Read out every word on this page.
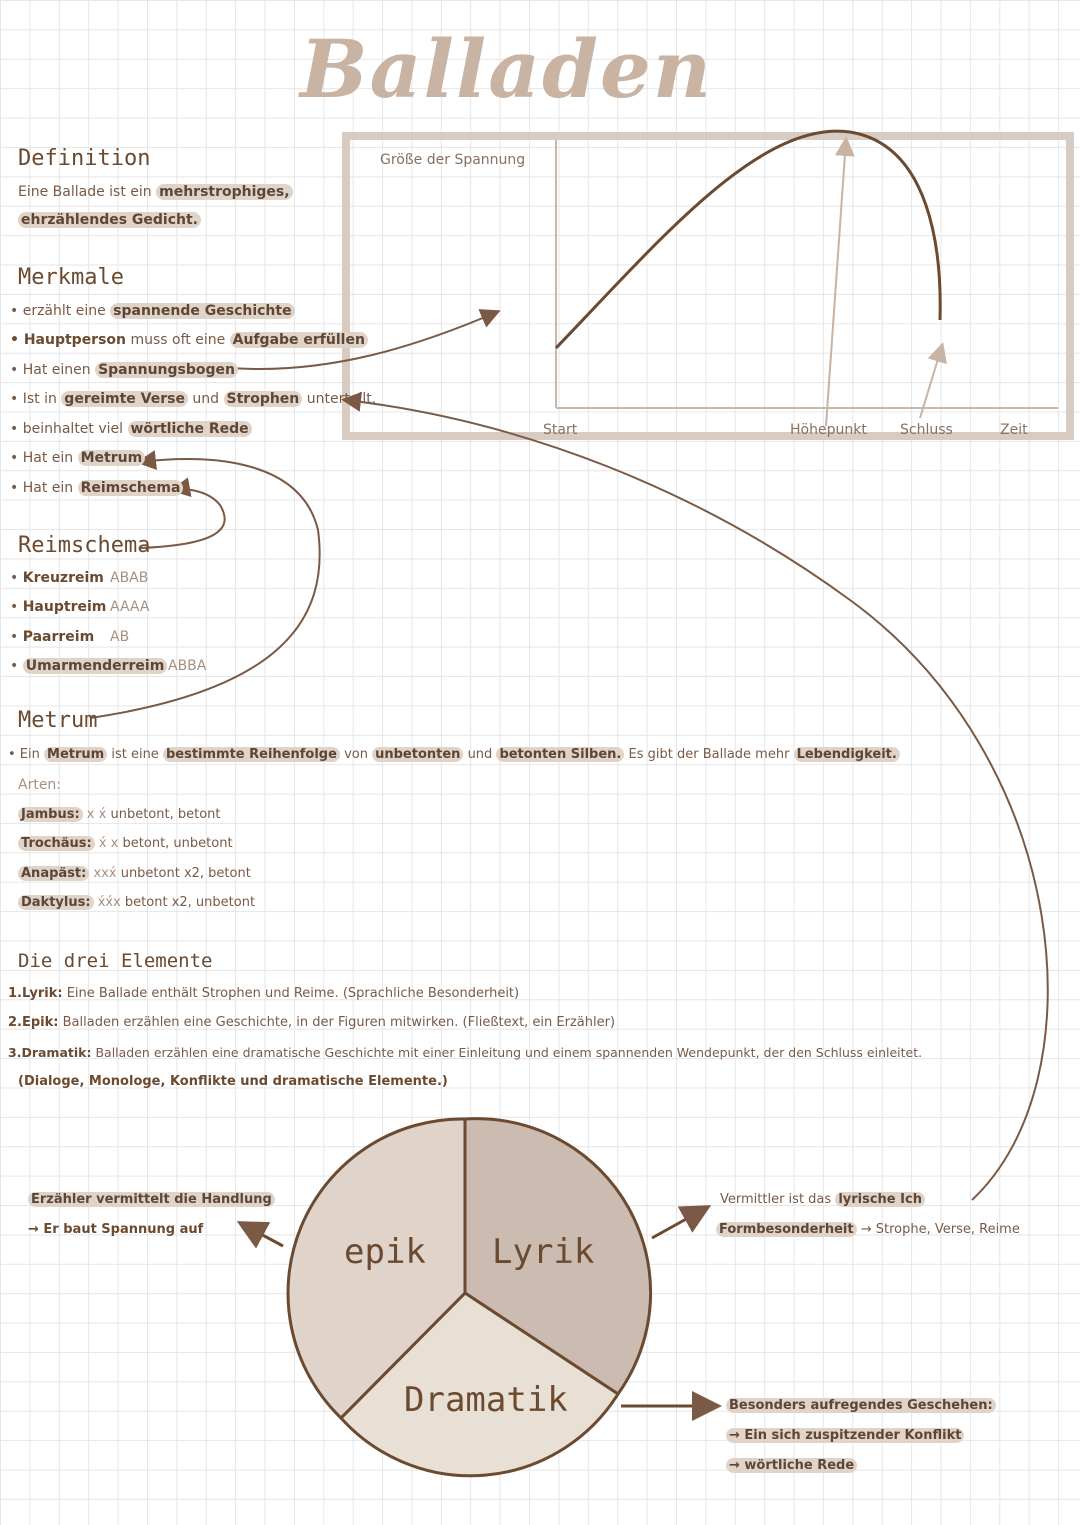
Balladen
Größe der Spannung
Start	Höhepunkt Schluss	Zeit
Definition
Eine Ballade ist ein mehrstrophiges,
ehrzählendes Gedicht.
Merkmale
• erzählt eine spannende Geschichte
• Hauptperson muss oft eine Aufgabe erfüllen
• Hat einen Spannungsbogen
• Ist in gereimte Verse und Strophen unterteilt.
• beinhaltet viel wörtliche Rede
• Hat ein Metrum
• Hat ein Reimschema
Reimschema
• Kreuzreim ABAB
• Hauptreim AAAA
• Paarreim AB
• Umarmenderreim ABBA
Metrum
• Ein Metrum ist eine bestimmte Reihenfolge von unbetonten und betonten Silben. Es gibt der Ballade mehr Lebendigkeit.
Arten:
Jambus: x x́ unbetont, betont
Trochäus: x́ x betont, unbetont
Anapäst: xxx́ unbetont x2, betont
Daktylus: x́x́x betont x2, unbetont
Die drei Elemente
1.Lyrik: Eine Ballade enthält Strophen und Reime. (Sprachliche Besonderheit)
2.Epik: Balladen erzählen eine Geschichte, in der Figuren mitwirken. (Fließtext, ein Erzähler)
3.Dramatik: Balladen erzählen eine dramatische Geschichte mit einer Einleitung und einem spannenden Wendepunkt, der den Schluss einleitet.
(Dialoge, Monologe, Konflikte und dramatische Elemente.)
epik Lyrik
Dramatik
Erzähler vermittelt die Handlung
→ Er baut Spannung auf
Vermittler ist das lyrische Ich
Formbesonderheit → Strophe, Verse, Reime
Besonders aufregendes Geschehen:
→ Ein sich zuspitzender Konflikt
→ wörtliche Rede
